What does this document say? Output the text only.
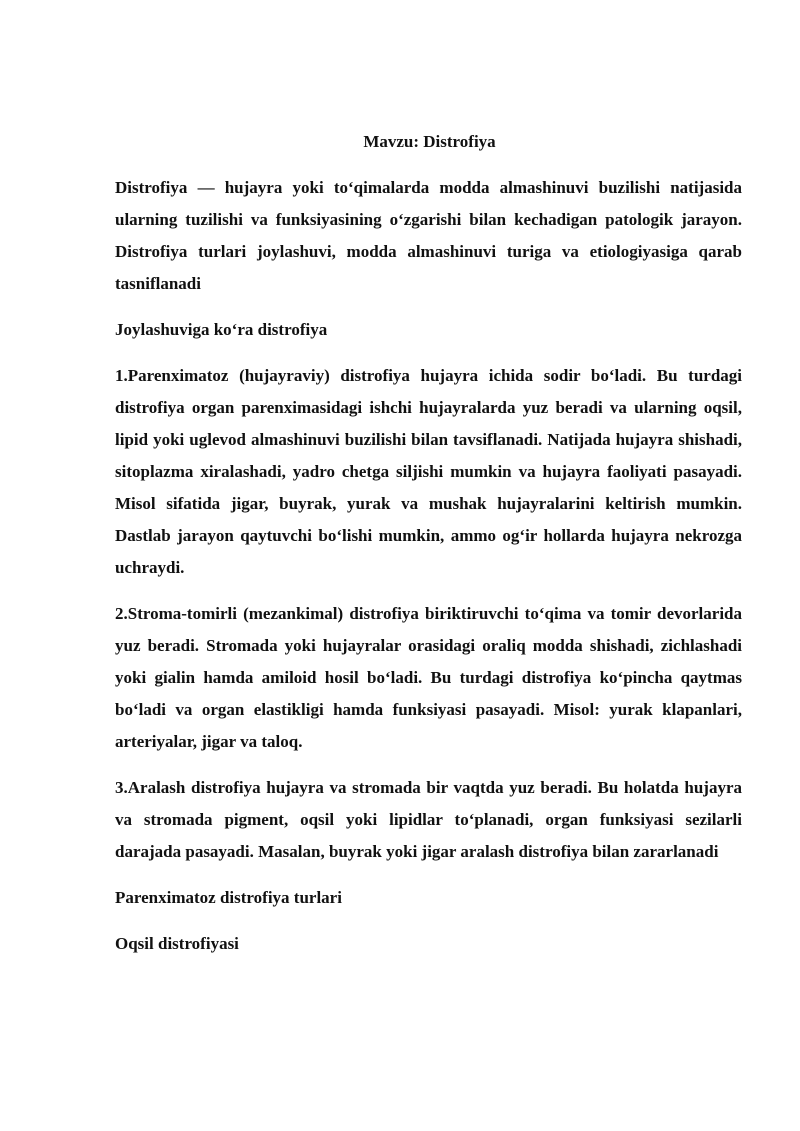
Mavzu: Distrofiya

Distrofiya — hujayra yoki to‘qimalarda modda almashinuvi buzilishi natijasida ularning tuzilishi va funksiyasining o‘zgarishi bilan kechadigan patologik jarayon. Distrofiya turlari joylashuvi, modda almashinuvi turiga va etiologiyasiga qarab tasniflanadi

Joylashuviga ko‘ra distrofiya

1.Parenximatoz (hujayraviy) distrofiya hujayra ichida sodir bo‘ladi. Bu turdagi distrofiya organ parenximasidagi ishchi hujayralarda yuz beradi va ularning oqsil, lipid yoki uglevod almashinuvi buzilishi bilan tavsiflanadi. Natijada hujayra shishadi, sitoplazma xiralashadi, yadro chetga siljishi mumkin va hujayra faoliyati pasayadi. Misol sifatida jigar, buyrak, yurak va mushak hujayralarini keltirish mumkin. Dastlab jarayon qaytuvchi bo‘lishi mumkin, ammo og‘ir hollarda hujayra nekrozga uchraydi.

2.Stroma-tomirli (mezankimal) distrofiya biriktiruvchi to‘qima va tomir devorlarida yuz beradi. Stromada yoki hujayralar orasidagi oraliq modda shishadi, zichlashadi yoki gialin hamda amiloid hosil bo‘ladi. Bu turdagi distrofiya ko‘pincha qaytmas bo‘ladi va organ elastikligi hamda funksiyasi pasayadi. Misol: yurak klapanlari, arteriyalar, jigar va taloq.

3.Aralash distrofiya hujayra va stromada bir vaqtda yuz beradi. Bu holatda hujayra va stromada pigment, oqsil yoki lipidlar to‘planadi, organ funksiyasi sezilarli darajada pasayadi. Masalan, buyrak yoki jigar aralash distrofiya bilan zararlanadi

Parenximatoz distrofiya turlari
Oqsil distrofiyasi
